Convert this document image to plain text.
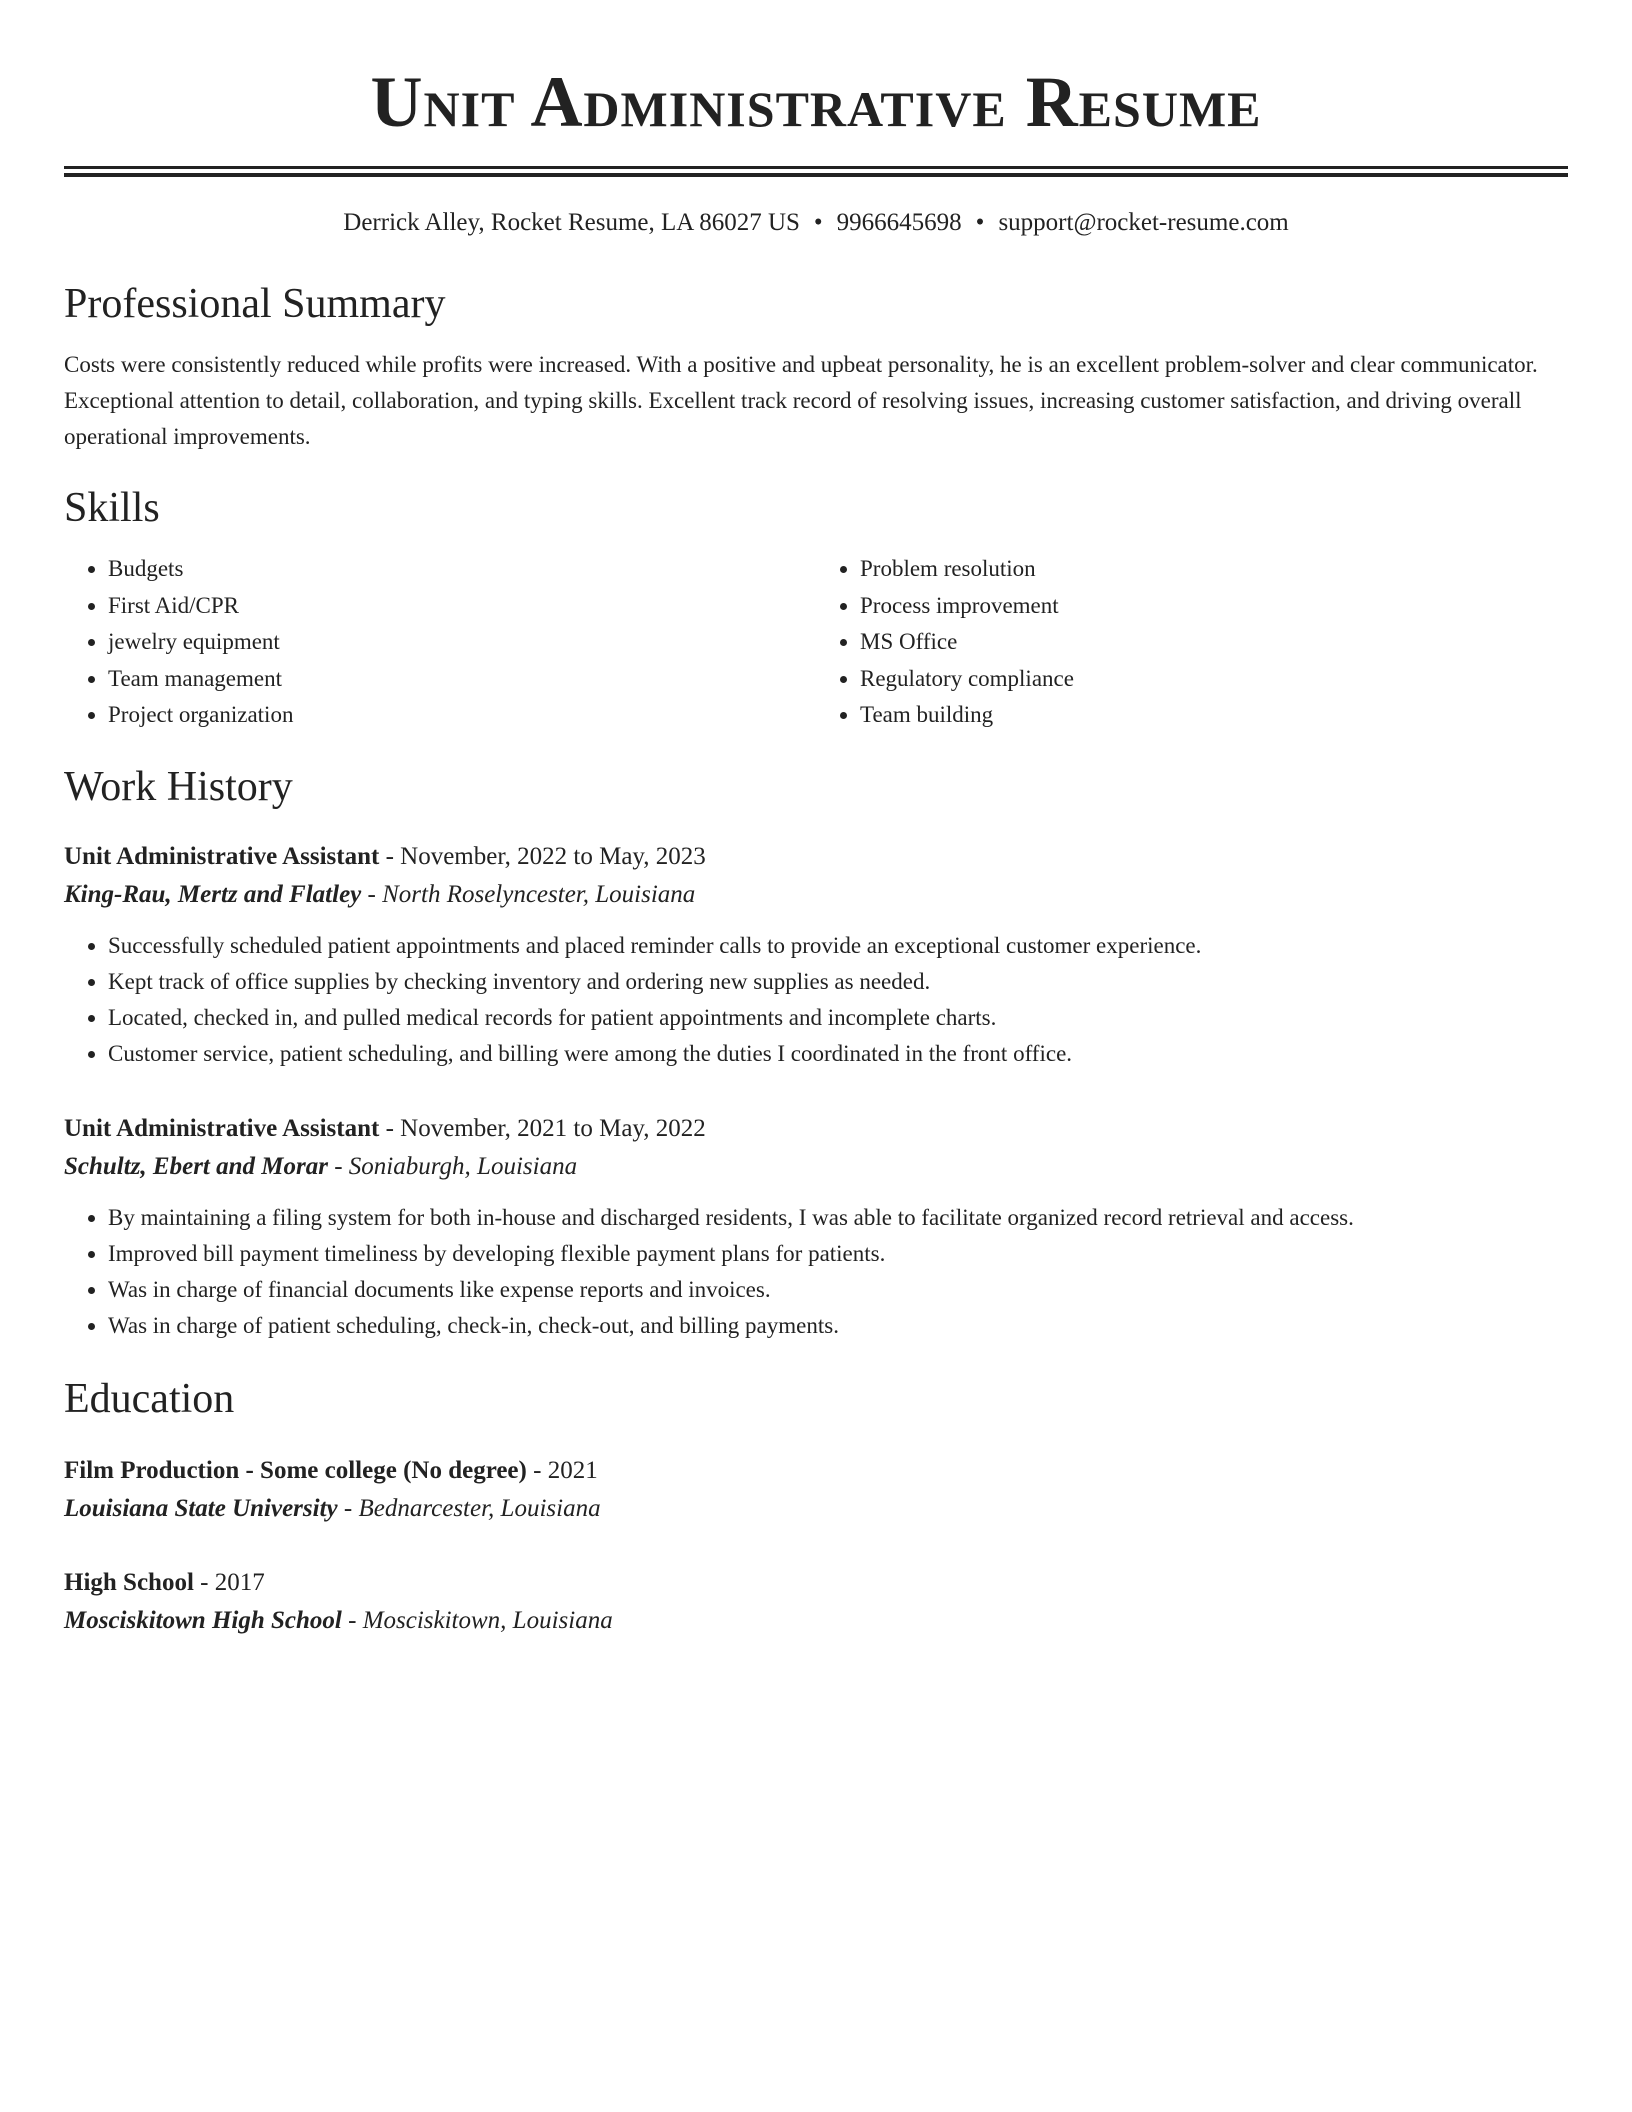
Unit Administrative Resume
Derrick Alley, Rocket Resume, LA 86027 US • 9966645698 • support@rocket-resume.com
Professional Summary
Costs were consistently reduced while profits were increased. With a positive and upbeat personality, he is an excellent problem-solver and clear communicator. Exceptional attention to detail, collaboration, and typing skills. Excellent track record of resolving issues, increasing customer satisfaction, and driving overall operational improvements.
Skills
• Budgets
• First Aid/CPR
• jewelry equipment
• Team management
• Project organization
• Problem resolution
• Process improvement
• MS Office
• Regulatory compliance
• Team building
Work History
Unit Administrative Assistant - November, 2022 to May, 2023
King-Rau, Mertz and Flatley - North Roselyncester, Louisiana
• Successfully scheduled patient appointments and placed reminder calls to provide an exceptional customer experience.
• Kept track of office supplies by checking inventory and ordering new supplies as needed.
• Located, checked in, and pulled medical records for patient appointments and incomplete charts.
• Customer service, patient scheduling, and billing were among the duties I coordinated in the front office.
Unit Administrative Assistant - November, 2021 to May, 2022
Schultz, Ebert and Morar - Soniaburgh, Louisiana
• By maintaining a filing system for both in-house and discharged residents, I was able to facilitate organized record retrieval and access.
• Improved bill payment timeliness by developing flexible payment plans for patients.
• Was in charge of financial documents like expense reports and invoices.
• Was in charge of patient scheduling, check-in, check-out, and billing payments.
Education
Film Production - Some college (No degree) - 2021
Louisiana State University - Bednarcester, Louisiana
High School - 2017
Mosciskitown High School - Mosciskitown, Louisiana
